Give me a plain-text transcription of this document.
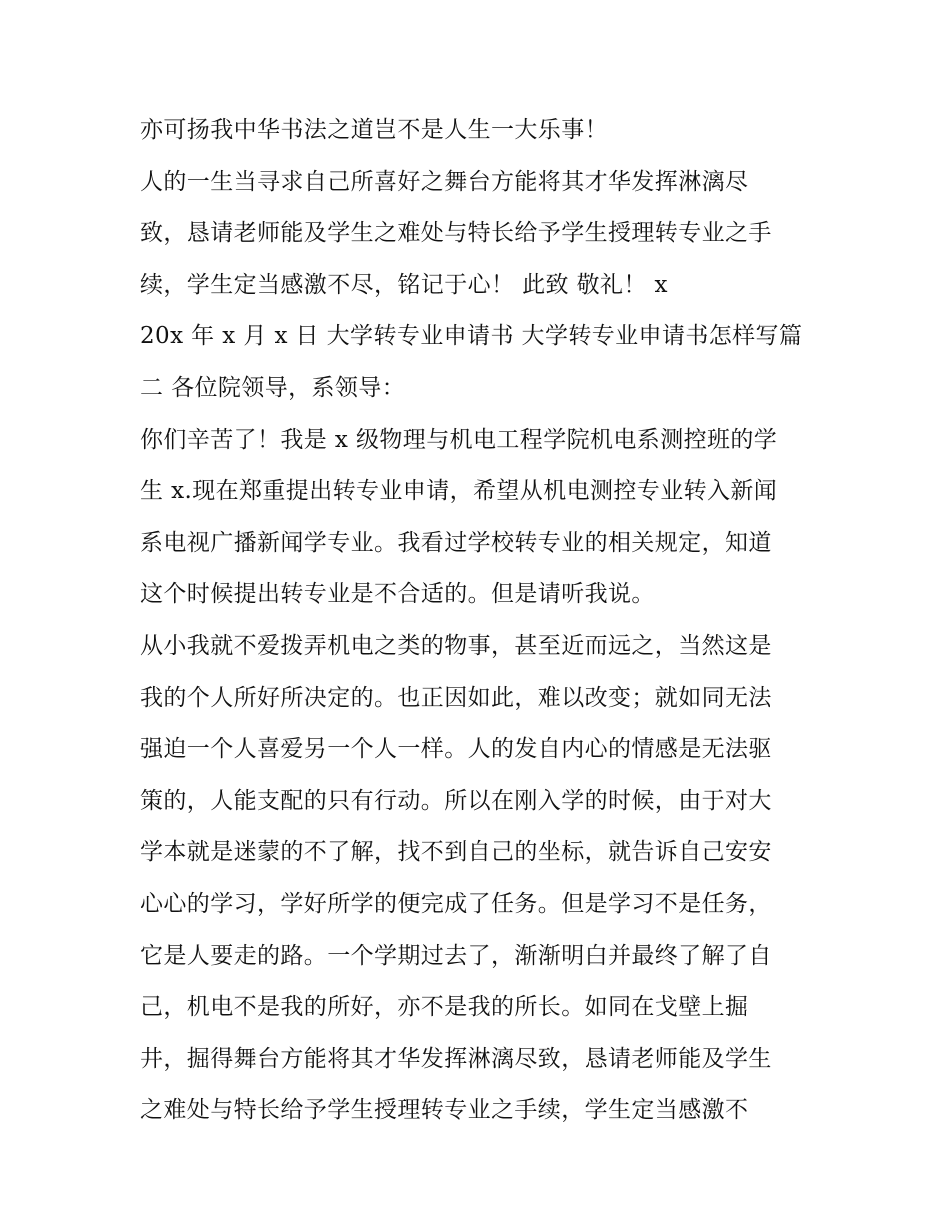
亦可扬我中华书法之道岂不是人生一大乐事！
人的一生当寻求自己所喜好之舞台方能将其才华发挥淋漓尽
致，恳请老师能及学生之难处与特长给予学生授理转专业之手
续，学生定当感激不尽，铭记于心！ 此致 敬礼！ x
20x 年 x 月 x 日 大学转专业申请书 大学转专业申请书怎样写篇
二 各位院领导，系领导：
你们辛苦了！我是 x 级物理与机电工程学院机电系测控班的学
生 x.现在郑重提出转专业申请，希望从机电测控专业转入新闻
系电视广播新闻学专业。我看过学校转专业的相关规定，知道
这个时候提出转专业是不合适的。但是请听我说。
从小我就不爱拨弄机电之类的物事，甚至近而远之，当然这是
我的个人所好所决定的。也正因如此，难以改变；就如同无法
强迫一个人喜爱另一个人一样。人的发自内心的情感是无法驱
策的，人能支配的只有行动。所以在刚入学的时候，由于对大
学本就是迷蒙的不了解，找不到自己的坐标，就告诉自己安安
心心的学习，学好所学的便完成了任务。但是学习不是任务，
它是人要走的路。一个学期过去了，渐渐明白并最终了解了自
己，机电不是我的所好，亦不是我的所长。如同在戈壁上掘
井，掘得舞台方能将其才华发挥淋漓尽致，恳请老师能及学生
之难处与特长给予学生授理转专业之手续，学生定当感激不
